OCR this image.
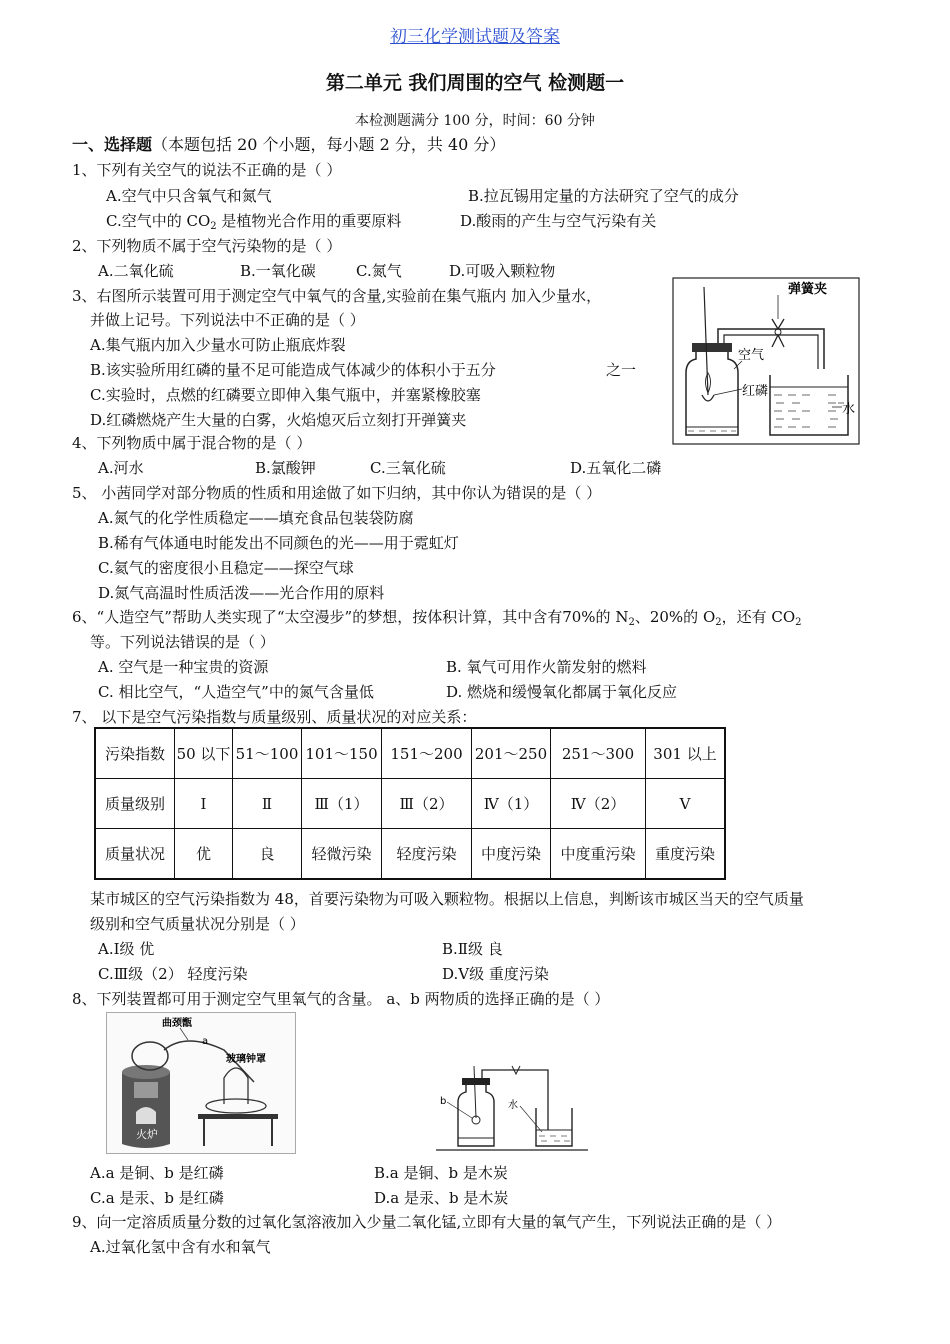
初三化学测试题及答案
第二单元 我们周围的空气 检测题一
本检测题满分 100 分，时间：60 分钟
一、选择题（本题包括 20 个小题，每小题 2 分，共 40 分）
1、下列有关空气的说法不正确的是（ ）
A.空气中只含氧气和氮气	B.拉瓦锡用定量的方法研究了空气的成分
C.空气中的 $CO_2$ 是植物光合作用的重要原料	D.酸雨的产生与空气污染有关
2、下列物质不属于空气污染物的是（ ）
A.二氧化硫	B.一氧化碳	C.氮气	D.可吸入颗粒物
3、右图所示装置可用于测定空气中氧气的含量,实验前在集气瓶内 加入少量水，
并做上记号。下列说法中不正确的是（ ）
A.集气瓶内加入少量水可防止瓶底炸裂
B.该实验所用红磷的量不足可能造成气体减少的体积小于五分	之一
C.实验时，点燃的红磷要立即伸入集气瓶中，并塞紧橡胶塞
D.红磷燃烧产生大量的白雾，火焰熄灭后立刻打开弹簧夹
弹簧夹
空气
红磷
水
4、下列物质中属于混合物的是（ ）
A.河水	B.氯酸钾	C.三氧化硫	D.五氧化二磷
5、 小茜同学对部分物质的性质和用途做了如下归纳，其中你认为错误的是（ ）
A.氮气的化学性质稳定——填充食品包装袋防腐
B.稀有气体通电时能发出不同颜色的光——用于霓虹灯
C.氦气的密度很小且稳定——探空气球
D.氮气高温时性质活泼——光合作用的原料
6、“人造空气”帮助人类实现了“太空漫步”的梦想，按体积计算，其中含有70%的 $N_2$、20%的 $O_2$，还有 $CO_2$
等。下列说法错误的是（ ）
A. 空气是一种宝贵的资源	B. 氧气可用作火箭发射的燃料
C. 相比空气，“人造空气”中的氮气含量低	D. 燃烧和缓慢氧化都属于氧化反应
7、 以下是空气污染指数与质量级别、质量状况的对应关系：
污染指数	50 以下	51～100	101～150	151～200	201～250	251～300	301 以上
质量级别	Ⅰ	Ⅱ	Ⅲ（1）	Ⅲ（2）	Ⅳ（1）	Ⅳ（2）	Ⅴ
质量状况	优	良	轻微污染	轻度污染	中度污染	中度重污染	重度污染
某市城区的空气污染指数为 48，首要污染物为可吸入颗粒物。根据以上信息，判断该市城区当天的空气质量
级别和空气质量状况分别是（ ）
A.Ⅰ级 优	B.Ⅱ级 良
C.Ⅲ级（2） 轻度污染	D.Ⅴ级 重度污染
8、下列装置都可用于测定空气里氧气的含量。 a、b 两物质的选择正确的是（ ）
火炉
曲颈甑
a
玻璃钟罩
b	水
A.a 是铜、b 是红磷	B.a 是铜、b 是木炭
C.a 是汞、b 是红磷	D.a 是汞、b 是木炭
9、向一定溶质质量分数的过氧化氢溶液加入少量二氧化锰,立即有大量的氧气产生，下列说法正确的是（ ）
A.过氧化氢中含有水和氧气
